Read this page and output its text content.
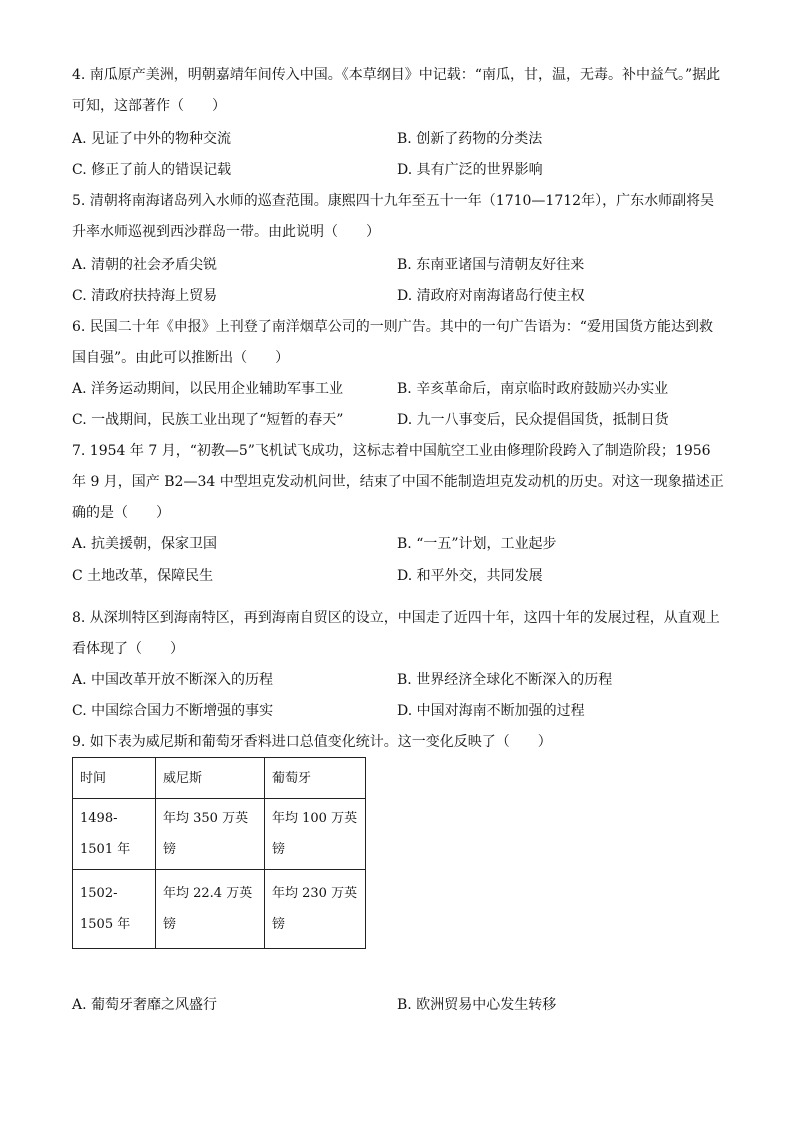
4. 南瓜原产美洲，明朝嘉靖年间传入中国。《本草纲目》中记载：“南瓜，甘，温，无毒。补中益气。”据此可知，这部著作（　　）
A. 见证了中外的物种交流	B. 创新了药物的分类法
C. 修正了前人的错误记载	D. 具有广泛的世界影响
5. 清朝将南海诸岛列入水师的巡查范围。康熙四十九年至五十一年（1710—1712年），广东水师副将吴升率水师巡视到西沙群岛一带。由此说明（　　）
A. 清朝的社会矛盾尖锐	B. 东南亚诸国与清朝友好往来
C. 清政府扶持海上贸易	D. 清政府对南海诸岛行使主权
6. 民国二十年《申报》上刊登了南洋烟草公司的一则广告。其中的一句广告语为：“爱用国货方能达到救国自强”。由此可以推断出（　　）
A. 洋务运动期间，以民用企业辅助军事工业	B. 辛亥革命后，南京临时政府鼓励兴办实业
C. 一战期间，民族工业出现了“短暂的春天”	D. 九一八事变后，民众提倡国货，抵制日货
7. 1954 年 7 月，“初教—5”飞机试飞成功，这标志着中国航空工业由修理阶段跨入了制造阶段；1956 年 9 月，国产 B2—34 中型坦克发动机问世，结束了中国不能制造坦克发动机的历史。对这一现象描述正确的是（　　）
A. 抗美援朝，保家卫国	B. “一五”计划，工业起步
C 土地改革，保障民生	D. 和平外交，共同发展
8. 从深圳特区到海南特区，再到海南自贸区的设立，中国走了近四十年，这四十年的发展过程，从直观上看体现了（　　）
A. 中国改革开放不断深入的历程	B. 世界经济全球化不断深入的历程
C. 中国综合国力不断增强的事实	D. 中国对海南不断加强的过程
9. 如下表为威尼斯和葡萄牙香料进口总值变化统计。这一变化反映了（　　）
时间	威尼斯	葡萄牙
1498-1501 年	年均 350 万英镑	年均 100 万英镑
1502-1505 年	年均 22.4 万英镑	年均 230 万英镑
A. 葡萄牙奢靡之风盛行	B. 欧洲贸易中心发生转移
